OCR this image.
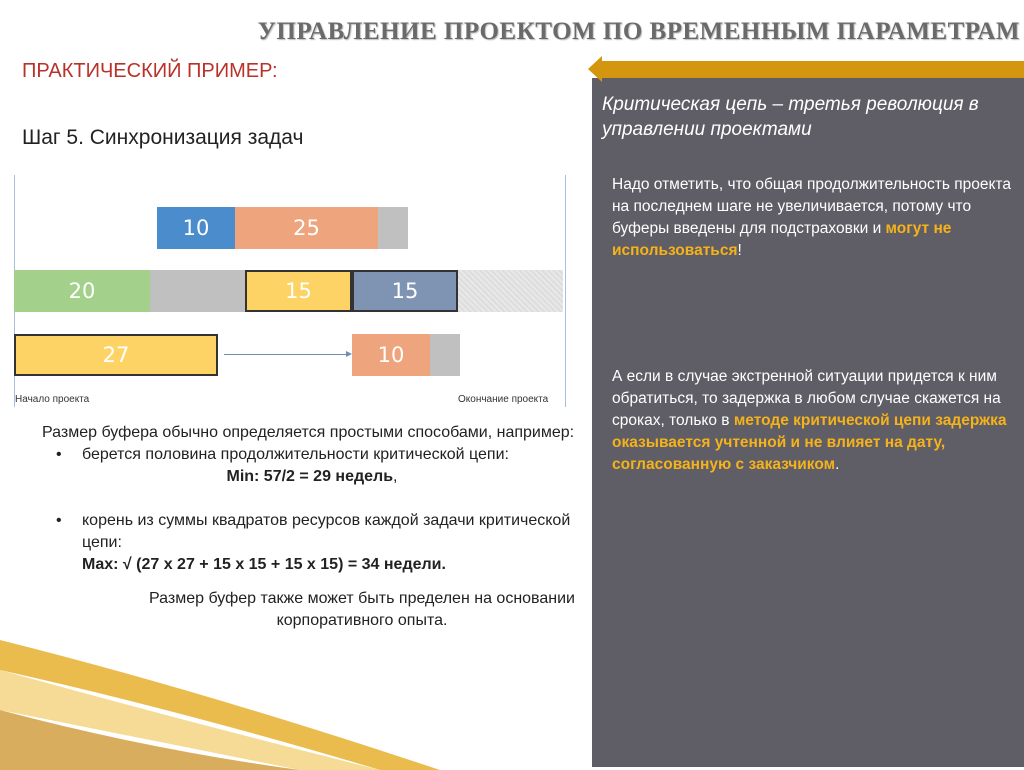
УПРАВЛЕНИЕ ПРОЕКТОМ ПО ВРЕМЕННЫМ ПАРАМЕТРАМ
ПРАКТИЧЕСКИЙ ПРИМЕР:
Шаг 5. Синхронизация задач
10	25
20	15	15
27	10
Начало проекта	Окончание проекта

Размер буфера обычно определяется простыми способами, например:

• берется половина продолжительности критической цепи:

Min: 57/2 = 29 недель,

• корень из суммы квадратов ресурсов каждой задачи критической цепи:

Max: √ (27 х 27 + 15 х 15 + 15 х 15) = 34 недели.

Размер буфер также может быть пределен на основании корпоративного опыта.

Критическая цепь – третья революция в управлении проектами
Надо отметить, что общая продолжительность проекта на последнем шаге не увеличивается, потому что буферы введены для подстраховки и могут не использоваться!
А если в случае экстренной ситуации придется к ним обратиться, то задержка в любом случае скажется на сроках, только в методе критической цепи задержка оказывается учтенной и не влияет на дату, согласованную с заказчиком.
